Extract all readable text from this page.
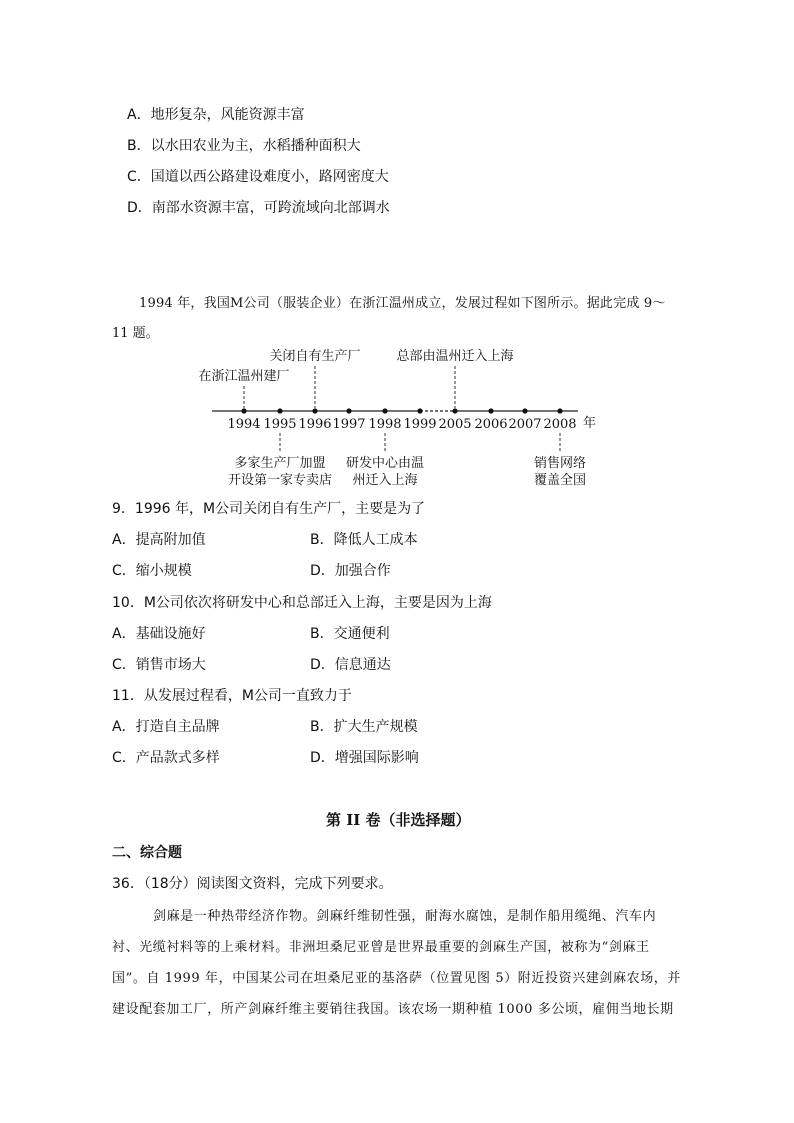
A．地形复杂，风能资源丰富
B．以水田农业为主，水稻播种面积大
C．国道以西公路建设难度小，路网密度大
D．南部水资源丰富，可跨流域向北部调水
1994 年，我国M公司（服装企业）在浙江温州成立，发展过程如下图所示。据此完成 9～
11 题。
年
1994 1995 1996 1997 1998 1999 2005 2006 2007 2008
在浙江温州建厂
关闭自有生产厂	总部由温州迁入上海
多家生产厂加盟
开设第一家专卖店
研发中心由温
州迁入上海
销售网络
覆盖全国
9．1996 年，M公司关闭自有生产厂，主要是为了
A．提高附加值	B．降低人工成本
C．缩小规模	D．加强合作
10．M公司依次将研发中心和总部迁入上海，主要是因为上海
A．基础设施好	B．交通便利
C．销售市场大	D．信息通达
11．从发展过程看，M公司一直致力于
A．打造自主品牌	B．扩大生产规模
C．产品款式多样	D．增强国际影响
第 II 卷（非选择题）
二、综合题
36．（18分）阅读图文资料，完成下列要求。
剑麻是一种热带经济作物。剑麻纤维韧性强，耐海水腐蚀，是制作船用缆绳、汽车内
衬、光缆衬料等的上乘材料。非洲坦桑尼亚曾是世界最重要的剑麻生产国，被称为“剑麻王
国”。自 1999 年，中国某公司在坦桑尼亚的基洛萨（位置见图 5）附近投资兴建剑麻农场，并
建设配套加工厂，所产剑麻纤维主要销往我国。该农场一期种植 1000 多公顷，雇佣当地长期
